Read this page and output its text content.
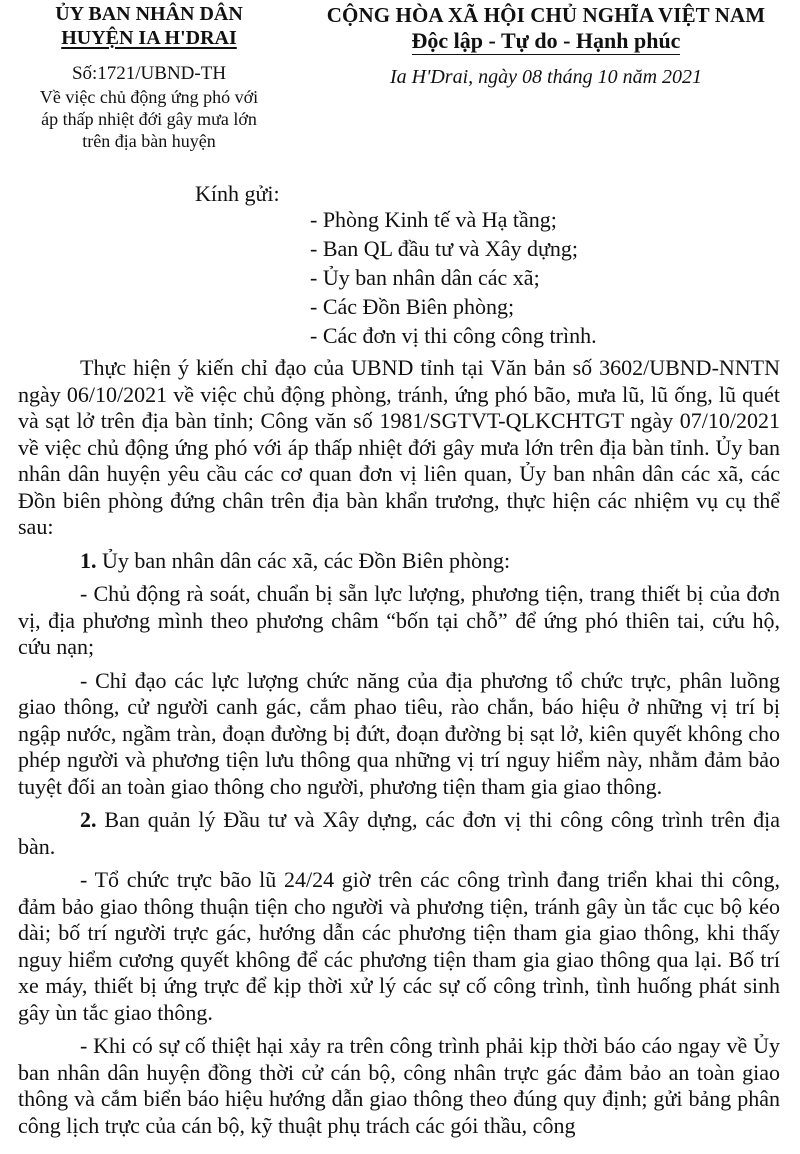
ỦY BAN NHÂN DÂN
HUYỆN IA H'DRAI
Số:1721/UBND-TH
Về việc chủ động ứng phó với
áp thấp nhiệt đới gây mưa lớn
trên địa bàn huyện
CỘNG HÒA XÃ HỘI CHỦ NGHĨA VIỆT NAM
Độc lập - Tự do - Hạnh phúc
Ia H'Drai, ngày 08 tháng 10 năm 2021
Kính gửi:
- Phòng Kinh tế và Hạ tầng;
- Ban QL đầu tư và Xây dựng;
- Ủy ban nhân dân các xã;
- Các Đồn Biên phòng;
- Các đơn vị thi công công trình.

Thực hiện ý kiến chỉ đạo của UBND tỉnh tại Văn bản số 3602/UBND-NNTN ngày 06/10/2021 về việc chủ động phòng, tránh, ứng phó bão, mưa lũ, lũ ống, lũ quét và sạt lở trên địa bàn tỉnh; Công văn số 1981/SGTVT-QLKCHTGT ngày 07/10/2021 về việc chủ động ứng phó với áp thấp nhiệt đới gây mưa lớn trên địa bàn tỉnh. Ủy ban nhân dân huyện yêu cầu các cơ quan đơn vị liên quan, Ủy ban nhân dân các xã, các Đồn biên phòng đứng chân trên địa bàn khẩn trương, thực hiện các nhiệm vụ cụ thể sau:

1. Ủy ban nhân dân các xã, các Đồn Biên phòng:

- Chủ động rà soát, chuẩn bị sẵn lực lượng, phương tiện, trang thiết bị của đơn vị, địa phương mình theo phương châm “bốn tại chỗ” để ứng phó thiên tai, cứu hộ, cứu nạn;

- Chỉ đạo các lực lượng chức năng của địa phương tổ chức trực, phân luồng giao thông, cử người canh gác, cắm phao tiêu, rào chắn, báo hiệu ở những vị trí bị ngập nước, ngầm tràn, đoạn đường bị đứt, đoạn đường bị sạt lở, kiên quyết không cho phép người và phương tiện lưu thông qua những vị trí nguy hiểm này, nhằm đảm bảo tuyệt đối an toàn giao thông cho người, phương tiện tham gia giao thông.

2. Ban quản lý Đầu tư và Xây dựng, các đơn vị thi công công trình trên địa bàn.

- Tổ chức trực bão lũ 24/24 giờ trên các công trình đang triển khai thi công, đảm bảo giao thông thuận tiện cho người và phương tiện, tránh gây ùn tắc cục bộ kéo dài; bố trí người trực gác, hướng dẫn các phương tiện tham gia giao thông, khi thấy nguy hiểm cương quyết không để các phương tiện tham gia giao thông qua lại. Bố trí xe máy, thiết bị ứng trực để kịp thời xử lý các sự cố công trình, tình huống phát sinh gây ùn tắc giao thông.

- Khi có sự cố thiệt hại xảy ra trên công trình phải kịp thời báo cáo ngay về Ủy ban nhân dân huyện đồng thời cử cán bộ, công nhân trực gác đảm bảo an toàn giao thông và cắm biển báo hiệu hướng dẫn giao thông theo đúng quy định; gửi bảng phân công lịch trực của cán bộ, kỹ thuật phụ trách các gói thầu, công
